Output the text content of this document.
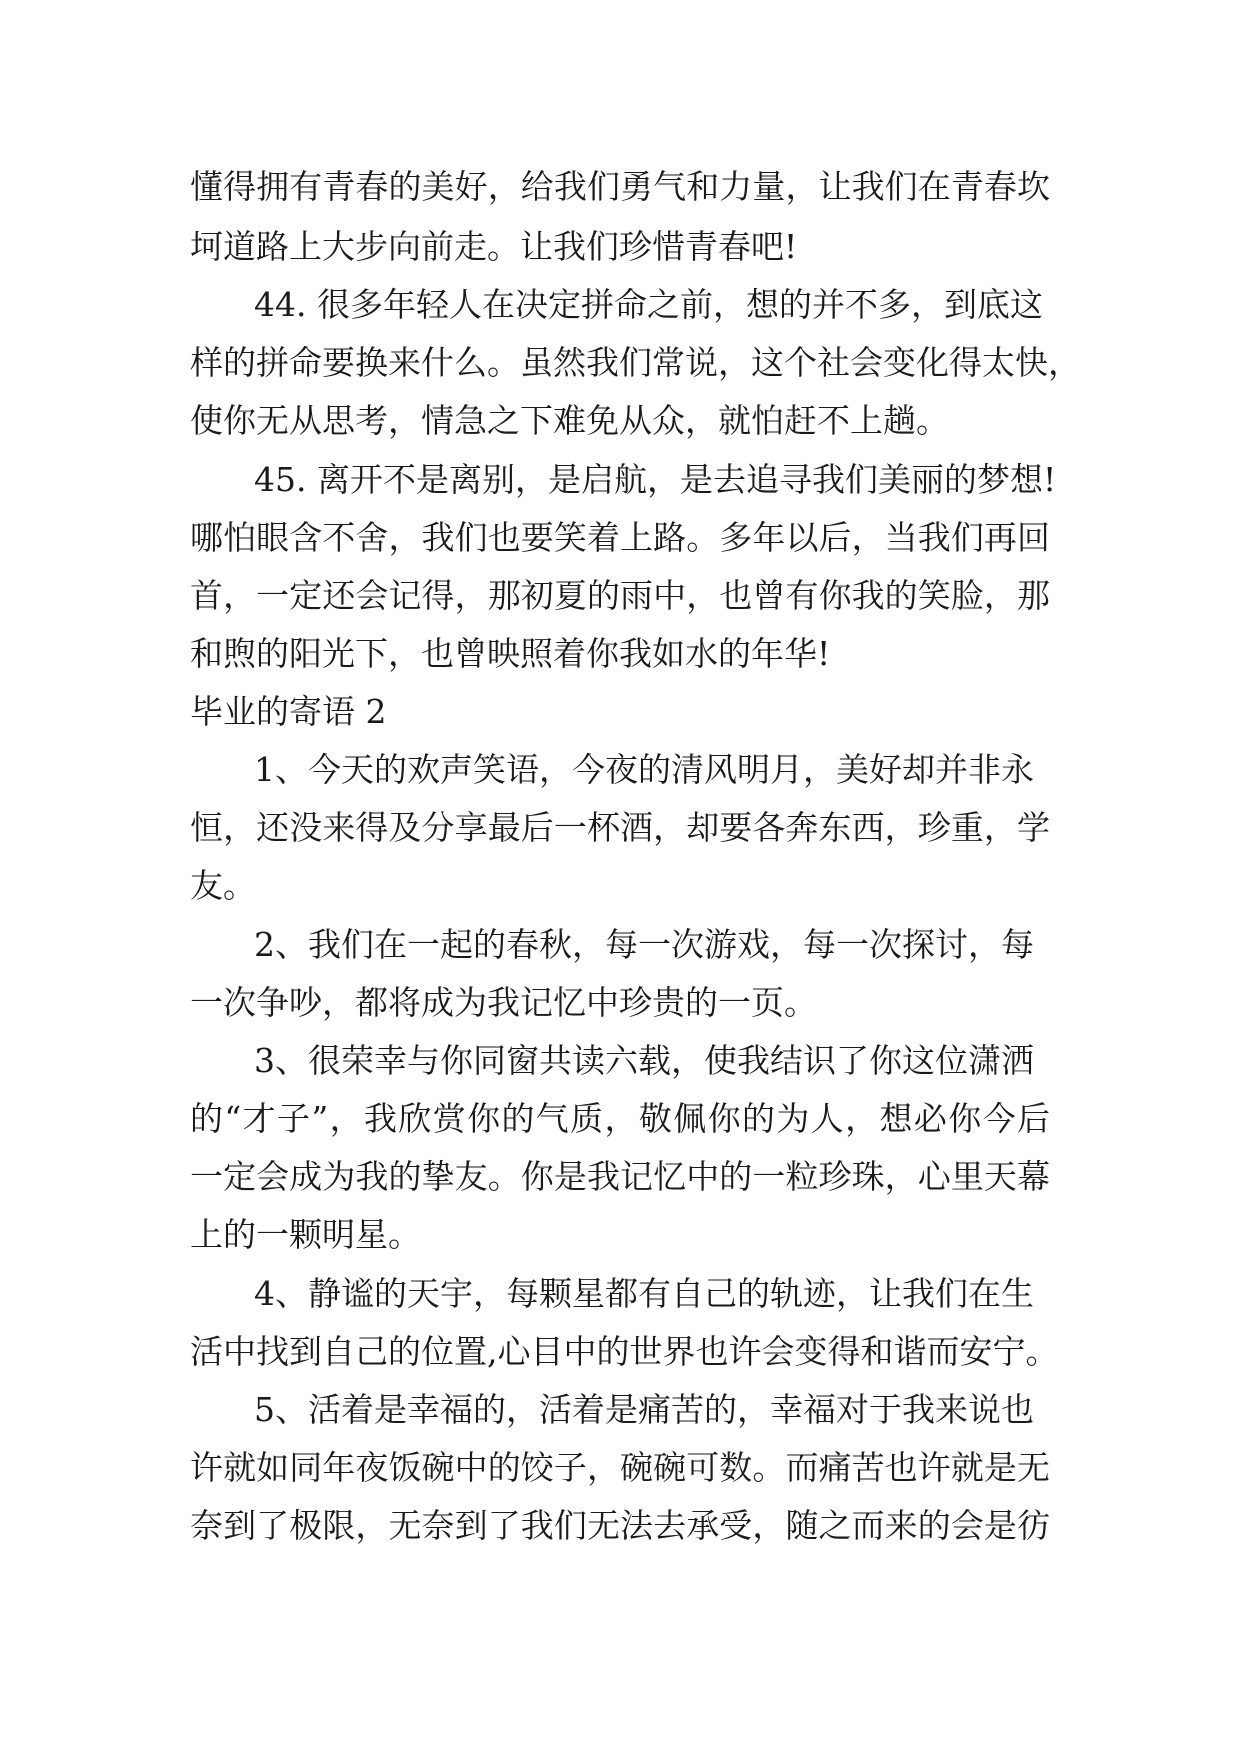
懂得拥有青春的美好，给我们勇气和力量，让我们在青春坎
坷道路上大步向前走。让我们珍惜青春吧!
44. 很多年轻人在决定拼命之前，想的并不多，到底这
样的拼命要换来什么。虽然我们常说，这个社会变化得太快，
使你无从思考，情急之下难免从众，就怕赶不上趟。
45. 离开不是离别，是启航，是去追寻我们美丽的梦想!
哪怕眼含不舍，我们也要笑着上路。多年以后，当我们再回
首，一定还会记得，那初夏的雨中，也曾有你我的笑脸，那
和煦的阳光下，也曾映照着你我如水的年华!
毕业的寄语 2
1、今天的欢声笑语，今夜的清风明月，美好却并非永
恒，还没来得及分享最后一杯酒，却要各奔东西，珍重，学
友。
2、我们在一起的春秋，每一次游戏，每一次探讨，每
一次争吵，都将成为我记忆中珍贵的一页。
3、很荣幸与你同窗共读六载，使我结识了你这位潇洒
的“才子”，我欣赏你的气质，敬佩你的为人，想必你今后
一定会成为我的挚友。你是我记忆中的一粒珍珠，心里天幕
上的一颗明星。
4、静谧的天宇，每颗星都有自己的轨迹，让我们在生
活中找到自己的位置,心目中的世界也许会变得和谐而安宁。
5、活着是幸福的，活着是痛苦的，幸福对于我来说也
许就如同年夜饭碗中的饺子，碗碗可数。而痛苦也许就是无
奈到了极限，无奈到了我们无法去承受，随之而来的会是彷
